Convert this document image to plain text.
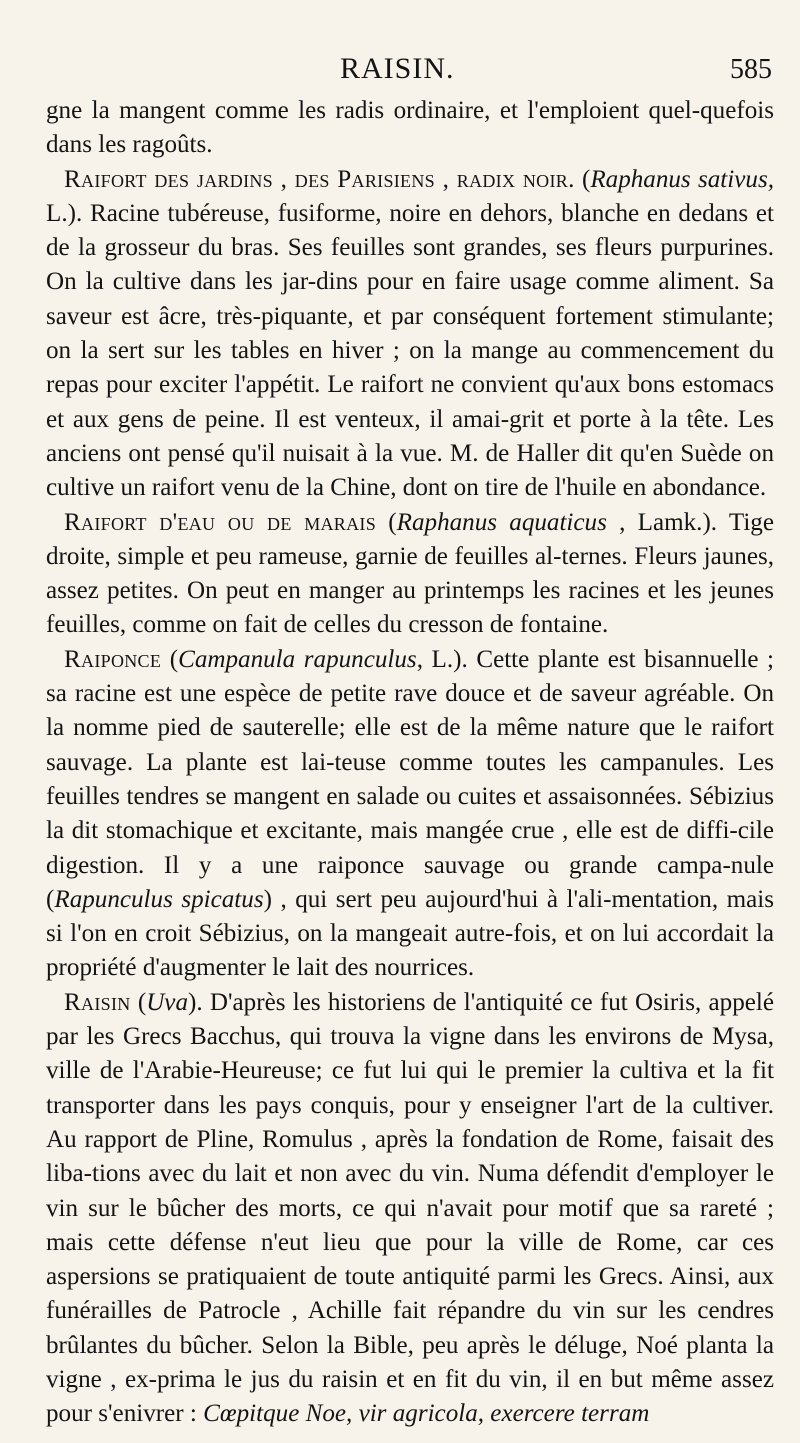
RAISIN.	585

gne la mangent comme les radis ordinaire, et l'emploient quel-quefois dans les ragoûts.

Raifort des jardins , des Parisiens , radix noir. (Raphanus sativus, L.). Racine tubéreuse, fusiforme, noire en dehors, blanche en dedans et de la grosseur du bras. Ses feuilles sont grandes, ses fleurs purpurines. On la cultive dans les jar-dins pour en faire usage comme aliment. Sa saveur est âcre, très-piquante, et par conséquent fortement stimulante; on la sert sur les tables en hiver ; on la mange au commencement du repas pour exciter l'appétit. Le raifort ne convient qu'aux bons estomacs et aux gens de peine. Il est venteux, il amai-grit et porte à la tête. Les anciens ont pensé qu'il nuisait à la vue. M. de Haller dit qu'en Suède on cultive un raifort venu de la Chine, dont on tire de l'huile en abondance.

Raifort d'eau ou de marais (Raphanus aquaticus , Lamk.). Tige droite, simple et peu rameuse, garnie de feuilles al-ternes. Fleurs jaunes, assez petites. On peut en manger au printemps les racines et les jeunes feuilles, comme on fait de celles du cresson de fontaine.

Raiponce (Campanula rapunculus, L.). Cette plante est bisannuelle ; sa racine est une espèce de petite rave douce et de saveur agréable. On la nomme pied de sauterelle; elle est de la même nature que le raifort sauvage. La plante est lai-teuse comme toutes les campanules. Les feuilles tendres se mangent en salade ou cuites et assaisonnées. Sébizius la dit stomachique et excitante, mais mangée crue , elle est de diffi-cile digestion. Il y a une raiponce sauvage ou grande campa-nule (Rapunculus spicatus) , qui sert peu aujourd'hui à l'ali-mentation, mais si l'on en croit Sébizius, on la mangeait autre-fois, et on lui accordait la propriété d'augmenter le lait des nourrices.

Raisin (Uva). D'après les historiens de l'antiquité ce fut Osiris, appelé par les Grecs Bacchus, qui trouva la vigne dans les environs de Mysa, ville de l'Arabie-Heureuse; ce fut lui qui le premier la cultiva et la fit transporter dans les pays conquis, pour y enseigner l'art de la cultiver. Au rapport de Pline, Romulus , après la fondation de Rome, faisait des liba-tions avec du lait et non avec du vin. Numa défendit d'employer le vin sur le bûcher des morts, ce qui n'avait pour motif que sa rareté ; mais cette défense n'eut lieu que pour la ville de Rome, car ces aspersions se pratiquaient de toute antiquité parmi les Grecs. Ainsi, aux funérailles de Patrocle , Achille fait répandre du vin sur les cendres brûlantes du bûcher. Selon la Bible, peu après le déluge, Noé planta la vigne , ex-prima le jus du raisin et en fit du vin, il en but même assez pour s'enivrer : Cœpitque Noe, vir agricola, exercere terram
